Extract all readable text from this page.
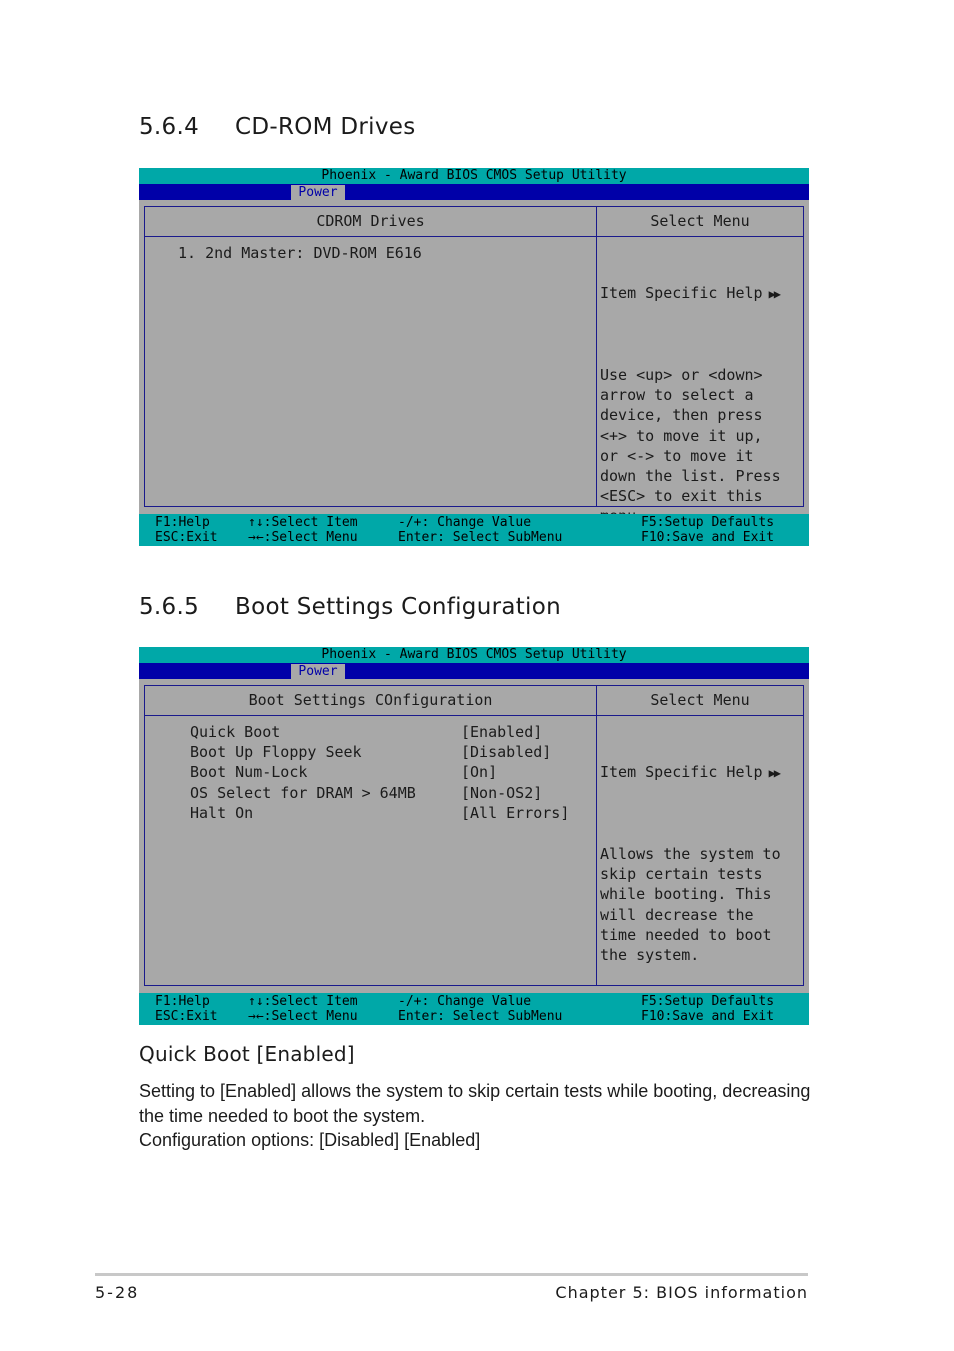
5.6.4 CD-ROM Drives
Phoenix - Award BIOS CMOS Setup Utility
Power
CDROM Drives	Select Menu
1. 2nd Master: DVD-ROM E616

Item Specific Help ▶▶

Use <up> or <down>
arrow to select a
device, then press
<+> to move it up,
or <-> to move it
down the list. Press
<ESC> to exit this

F1:Help
ESC:Exit
↑↓:Select Item
→←:Select Menu
-/+: Change Value
Enter: Select SubMenu
F5:Setup Defaults
F10:Save and Exit
5.6.5 Boot Settings Configuration
Phoenix - Award BIOS CMOS Setup Utility
Power
Boot Settings COnfiguration	Select Menu
Quick Boot	[Enabled]
Boot Up Floppy Seek	[Disabled]
Boot Num-Lock	[On]
OS Select for DRAM > 64MB	[Non-OS2]
Halt On	[All Errors]

Item Specific Help ▶▶

Allows the system to
skip certain tests
while booting. This
will decrease the
time needed to boot
the system.

F1:Help
ESC:Exit
↑↓:Select Item
→←:Select Menu
-/+: Change Value
Enter: Select SubMenu
F5:Setup Defaults
F10:Save and Exit
Quick Boot [Enabled]

Setting to [Enabled] allows the system to skip certain tests while booting, decreasing the time needed to boot the system.

Configuration options: [Disabled] [Enabled]

5-28	Chapter 5: BIOS information
